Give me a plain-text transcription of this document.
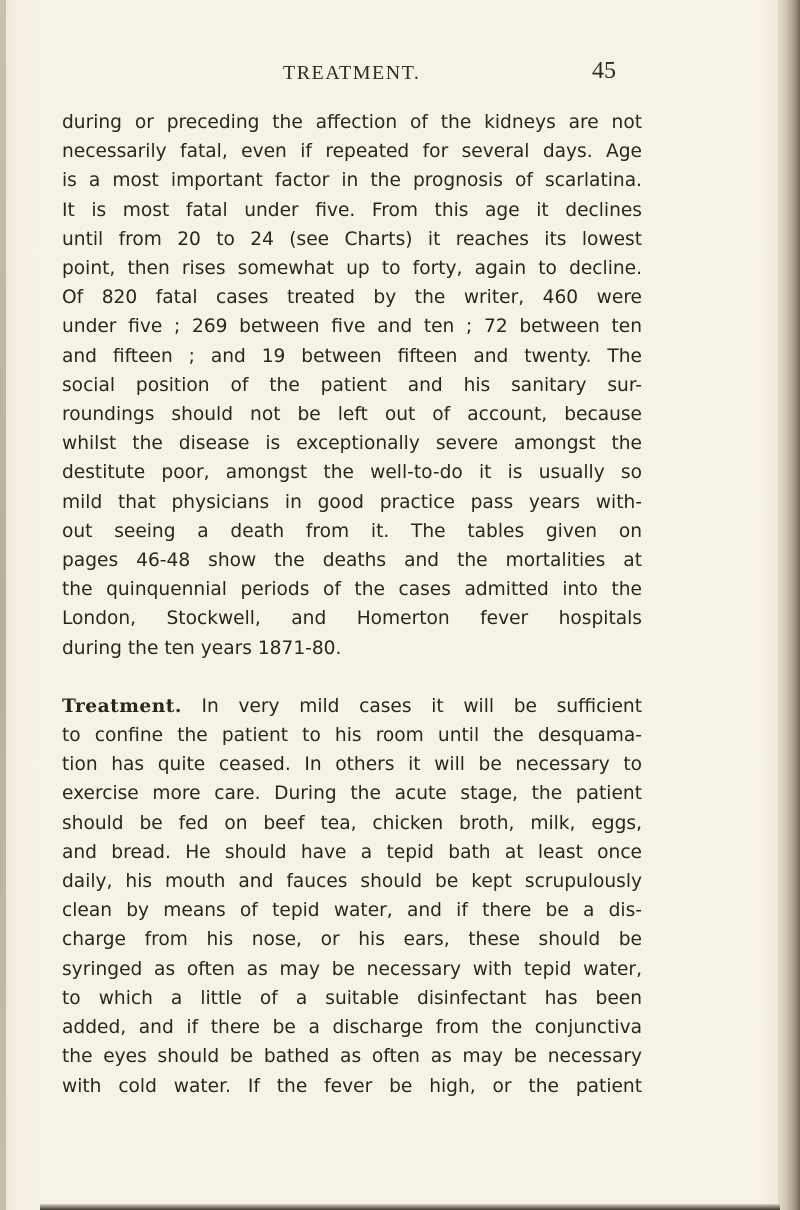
TREATMENT.	45

during or preceding the affection of the kidneys are not
necessarily fatal, even if repeated for several days. Age
is a most important factor in the prognosis of scarlatina.
It is most fatal under five. From this age it declines
until from 20 to 24 (see Charts) it reaches its lowest
point, then rises somewhat up to forty, again to decline.
Of 820 fatal cases treated by the writer, 460 were
under five ; 269 between five and ten ; 72 between ten
and fifteen ; and 19 between fifteen and twenty. The
social position of the patient and his sanitary sur-
roundings should not be left out of account, because
whilst the disease is exceptionally severe amongst the
destitute poor, amongst the well-to-do it is usually so
mild that physicians in good practice pass years with-
out seeing a death from it. The tables given on
pages 46-48 show the deaths and the mortalities at
the quinquennial periods of the cases admitted into the
London, Stockwell, and Homerton fever hospitals
during the ten years 1871-80.

Treatment. In very mild cases it will be sufficient
to confine the patient to his room until the desquama-
tion has quite ceased. In others it will be necessary to
exercise more care. During the acute stage, the patient
should be fed on beef tea, chicken broth, milk, eggs,
and bread. He should have a tepid bath at least once
daily, his mouth and fauces should be kept scrupulously
clean by means of tepid water, and if there be a dis-
charge from his nose, or his ears, these should be
syringed as often as may be necessary with tepid water,
to which a little of a suitable disinfectant has been
added, and if there be a discharge from the conjunctiva
the eyes should be bathed as often as may be necessary
with cold water. If the fever be high, or the patient
